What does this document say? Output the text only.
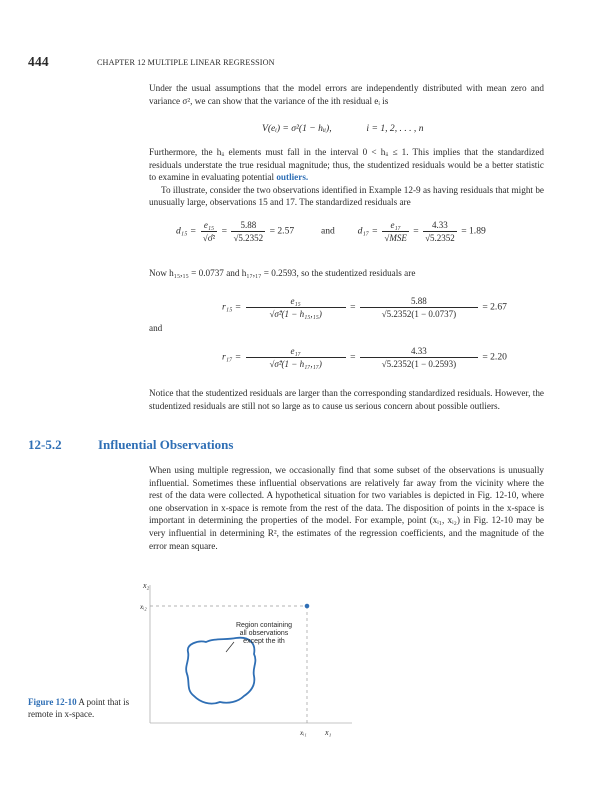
444	CHAPTER 12 MULTIPLE LINEAR REGRESSION

Under the usual assumptions that the model errors are independently distributed with mean zero and variance σ², we can show that the variance of the ith residual eᵢ is

V(eᵢ) = σ²(1 − hᵢᵢ),	i = 1, 2, . . . , n

Furthermore, the hᵢᵢ elements must fall in the interval 0 < hᵢᵢ ≤ 1. This implies that the standardized residuals understate the true residual magnitude; thus, the studentized residuals would be a better statistic to examine in evaluating potential outliers.

To illustrate, consider the two observations identified in Example 12-9 as having residuals that might be unusually large, observations 15 and 17. The standardized residuals are

$d_{15} = \frac{\text{e₁₅}}{\text{√σ̂²}} = \frac{5.88}{√5.2352} = 2.57$	and $d_{17} = \frac{\text{e₁₇}}{\text{√MSE}} = \frac{4.33}{√5.2352} = 1.89$

Now h₁₅,₁₅ = 0.0737 and h₁₇,₁₇ = 0.2593, so the studentized residuals are

$r_{15} = \frac{\text{e₁₅}}{\text{√σ̂²(1 − h₁₅,₁₅)}} = \frac{5.88}{√5.2352(1 - 0.0737)} = 2.67$
and
$r_{17} = \frac{\text{e₁₇}}{\text{√σ̂²(1 − h₁₇,₁₇)}} = \frac{4.33}{√5.2352(1 - 0.2593)} = 2.20$

Notice that the studentized residuals are larger than the corresponding standardized residuals. However, the studentized residuals are still not so large as to cause us serious concern about possible outliers.

12-5.2	Influential Observations

When using multiple regression, we occasionally find that some subset of the observations is unusually influential. Sometimes these influential observations are relatively far away from the vicinity where the rest of the data were collected. A hypothetical situation for two variables is depicted in Fig. 12-10, where one observation in x-space is remote from the rest of the data. The disposition of points in the x-space is important in determining the properties of the model. For example, point (xᵢ₁, xᵢ₂) in Fig. 12-10 may be very influential in determining R², the estimates of the regression coefficients, and the magnitude of the error mean square.

x₂
xᵢ₂
xᵢ₁ x₁
Region containing
all observations
except the ith
Figure 12-10 A point that is remote in x-space.
